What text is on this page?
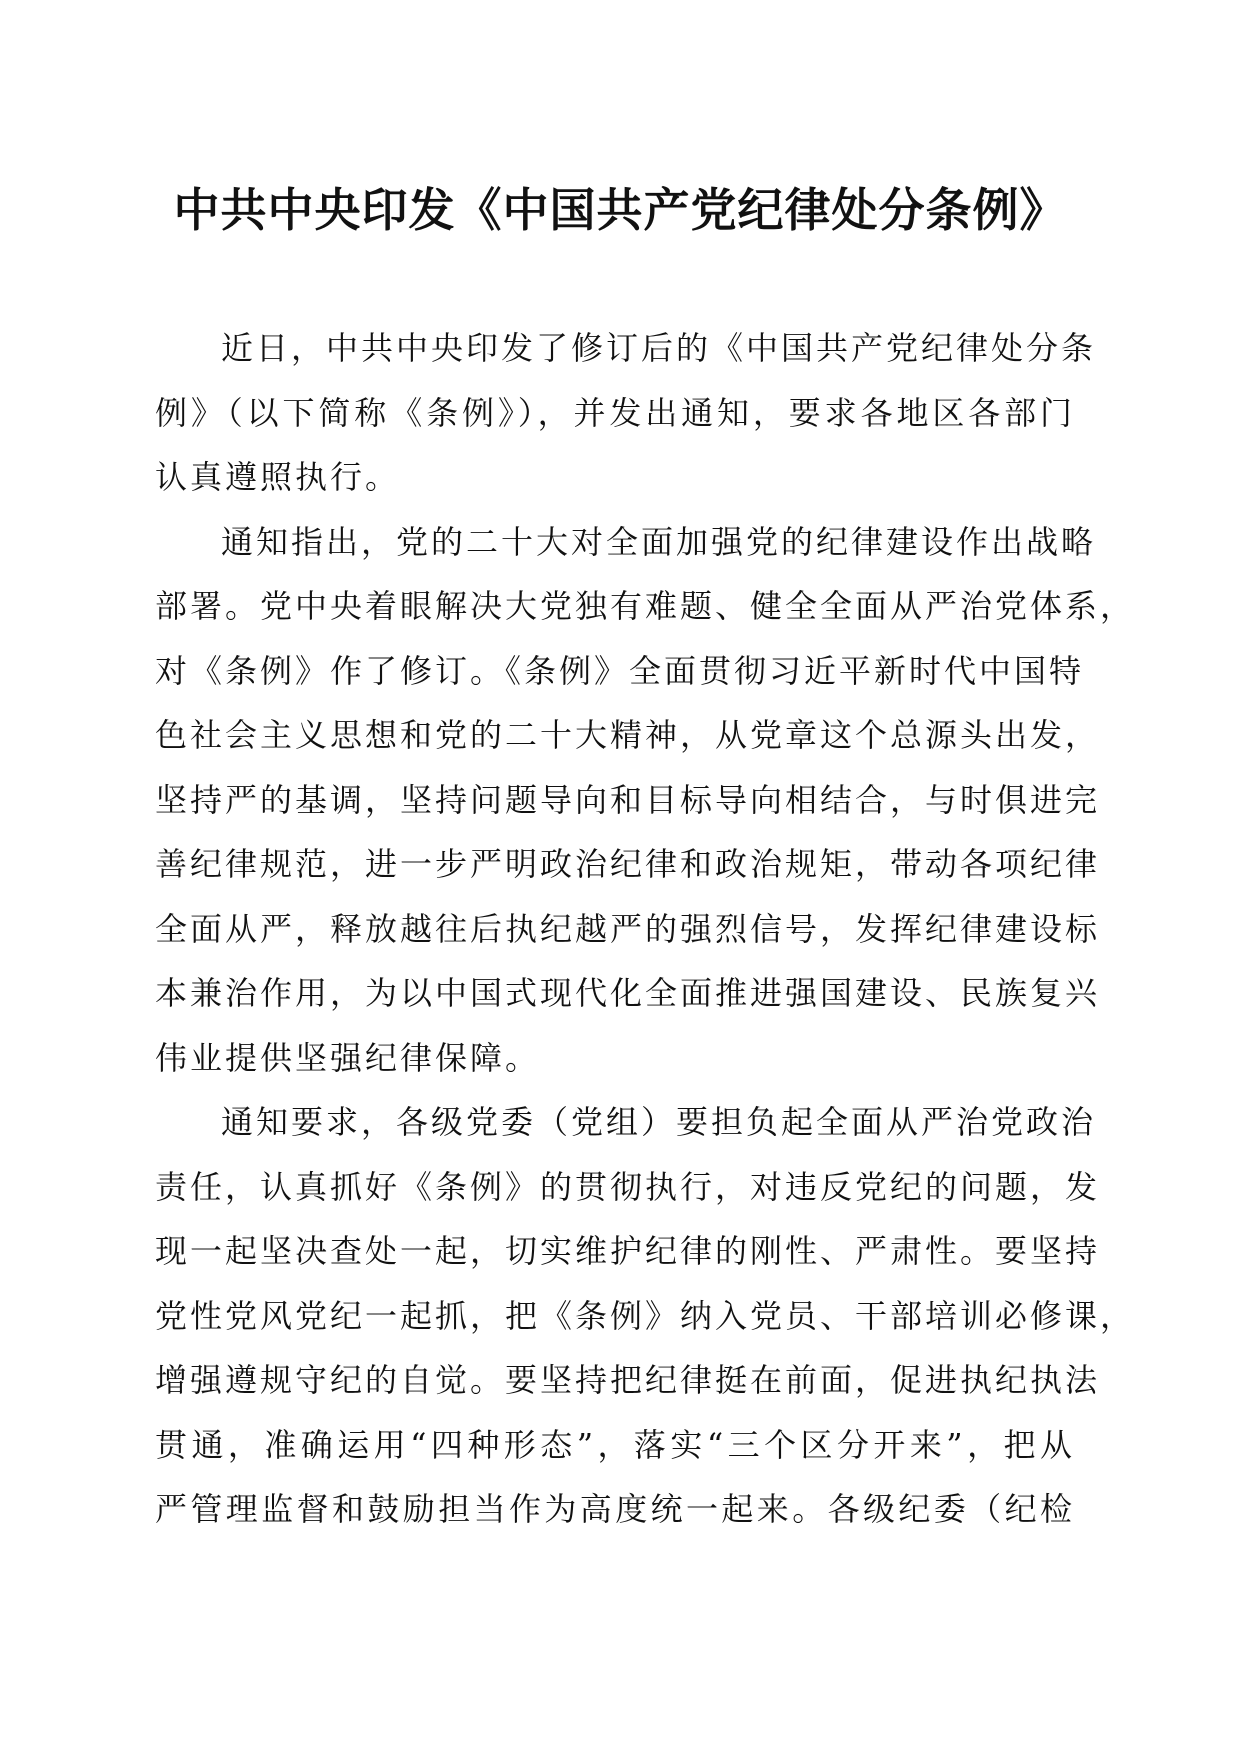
中共中央印发《中国共产党纪律处分条例》
近日，中共中央印发了修订后的《中国共产党纪律处分条
例》（以下简称《条例》），并发出通知，要求各地区各部门
认真遵照执行。
通知指出，党的二十大对全面加强党的纪律建设作出战略
部署。党中央着眼解决大党独有难题、健全全面从严治党体系，
对《条例》作了修订。《条例》全面贯彻习近平新时代中国特
色社会主义思想和党的二十大精神，从党章这个总源头出发，
坚持严的基调，坚持问题导向和目标导向相结合，与时俱进完
善纪律规范，进一步严明政治纪律和政治规矩，带动各项纪律
全面从严，释放越往后执纪越严的强烈信号，发挥纪律建设标
本兼治作用，为以中国式现代化全面推进强国建设、民族复兴
伟业提供坚强纪律保障。
通知要求，各级党委（党组）要担负起全面从严治党政治
责任，认真抓好《条例》的贯彻执行，对违反党纪的问题，发
现一起坚决查处一起，切实维护纪律的刚性、严肃性。要坚持
党性党风党纪一起抓，把《条例》纳入党员、干部培训必修课，
增强遵规守纪的自觉。要坚持把纪律挺在前面，促进执纪执法
贯通，准确运用“四种形态”，落实“三个区分开来”，把从
严管理监督和鼓励担当作为高度统一起来。各级纪委（纪检
